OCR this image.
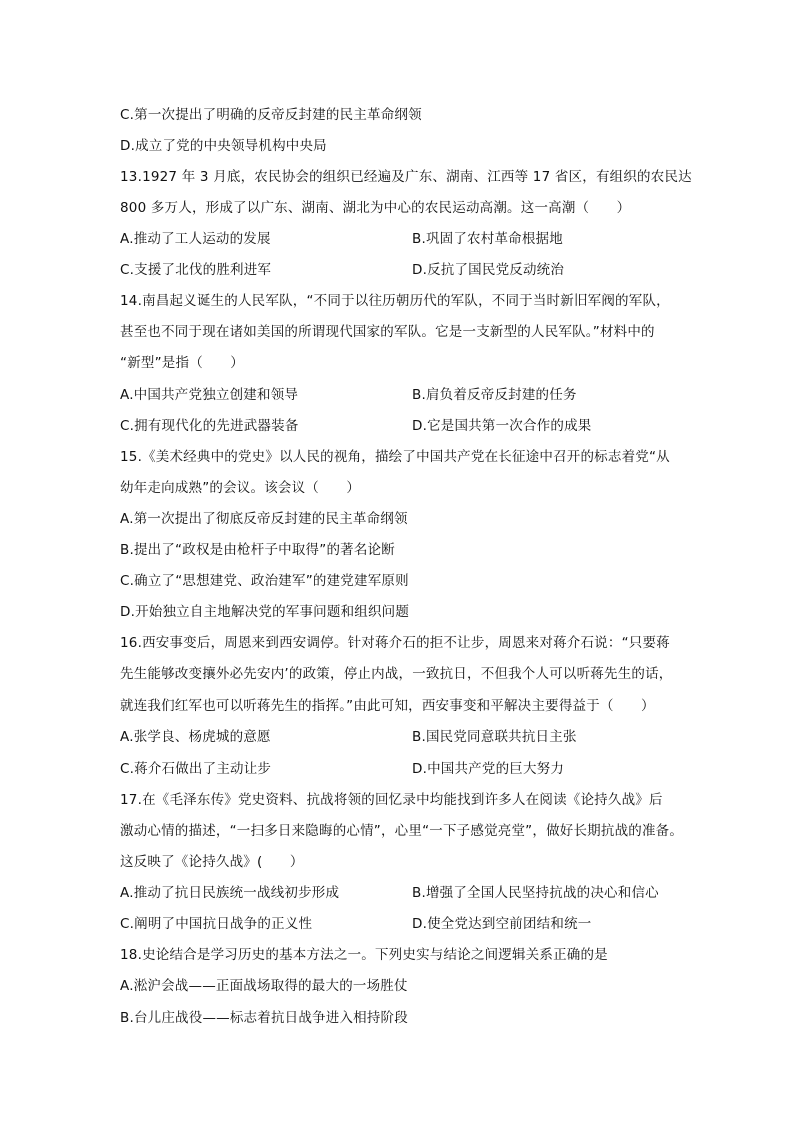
C.第一次提出了明确的反帝反封建的民主革命纲领
D.成立了党的中央领导机构中央局
13.1927 年 3 月底，农民协会的组织已经遍及广东、湖南、江西等 17 省区，有组织的农民达
800 多万人，形成了以广东、湖南、湖北为中心的农民运动高潮。这一高潮（　　）
A.推动了工人运动的发展	B.巩固了农村革命根据地
C.支援了北伐的胜利进军	D.反抗了国民党反动统治
14.南昌起义诞生的人民军队，“不同于以往历朝历代的军队，不同于当时新旧军阀的军队，
甚至也不同于现在诸如美国的所谓现代国家的军队。它是一支新型的人民军队。”材料中的
“新型”是指（　　）
A.中国共产党独立创建和领导	B.肩负着反帝反封建的任务
C.拥有现代化的先进武器装备	D.它是国共第一次合作的成果
15.《美术经典中的党史》以人民的视角，描绘了中国共产党在长征途中召开的标志着党“从
幼年走向成熟”的会议。该会议（　　）
A.第一次提出了彻底反帝反封建的民主革命纲领
B.提出了“政权是由枪杆子中取得”的著名论断
C.确立了“思想建党、政治建军”的建党建军原则
D.开始独立自主地解决党的军事问题和组织问题
16.西安事变后，周恩来到西安调停。针对蒋介石的拒不让步，周恩来对蒋介石说：“只要蒋
先生能够改变攘外必先安内’的政策，停止内战，一致抗日，不但我个人可以听蒋先生的话，
就连我们红军也可以听蒋先生的指挥。”由此可知，西安事变和平解决主要得益于（　　）
A.张学良、杨虎城的意愿	B.国民党同意联共抗日主张
C.蒋介石做出了主动让步	D.中国共产党的巨大努力
17.在《毛泽东传》党史资料、抗战将领的回忆录中均能找到许多人在阅读《论持久战》后
激动心情的描述，“一扫多日来隐晦的心情”，心里“一下子感觉亮堂”，做好长期抗战的准备。
这反映了《论持久战》(　　）
A.推动了抗日民族统一战线初步形成	B.增强了全国人民坚持抗战的决心和信心
C.阐明了中国抗日战争的正义性	D.使全党达到空前团结和统一
18.史论结合是学习历史的基本方法之一。下列史实与结论之间逻辑关系正确的是
A.淞沪会战——正面战场取得的最大的一场胜仗
B.台儿庄战役——标志着抗日战争进入相持阶段
